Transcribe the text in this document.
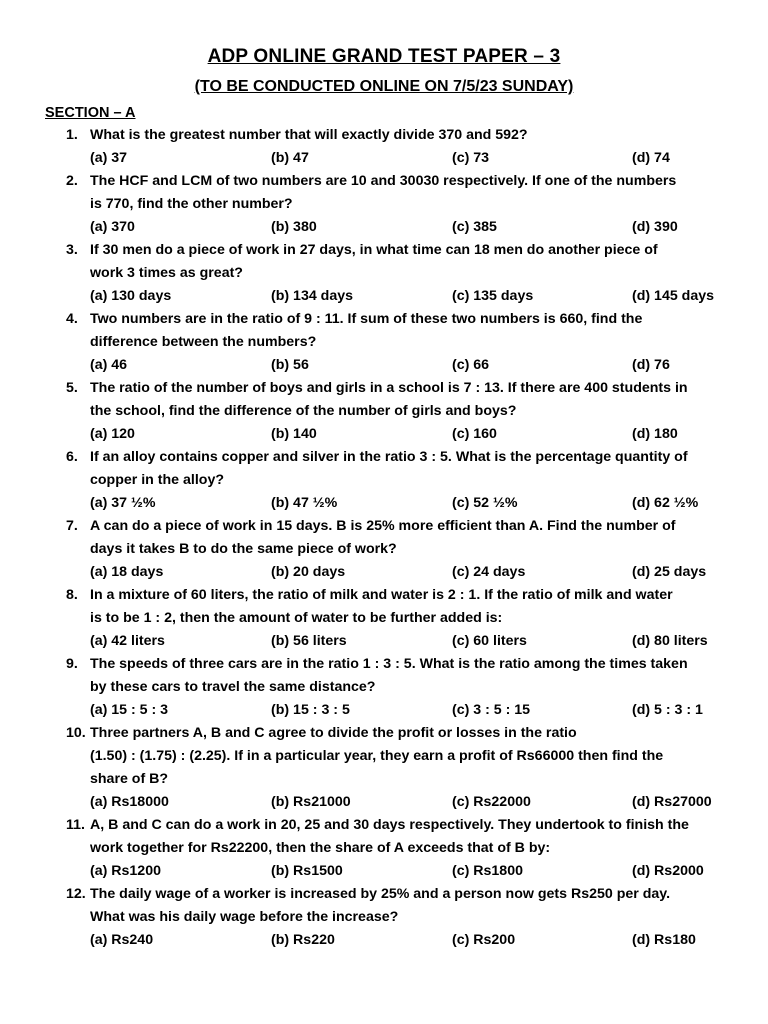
ADP ONLINE GRAND TEST PAPER – 3
(TO BE CONDUCTED ONLINE ON 7/5/23 SUNDAY)
SECTION – A
1. What is the greatest number that will exactly divide 370 and 592?
(a) 37	(b) 47	(c) 73	(d) 74
2. The HCF and LCM of two numbers are 10 and 30030 respectively. If one of the numbers
is 770, find the other number?
(a) 370	(b) 380	(c) 385	(d) 390
3. If 30 men do a piece of work in 27 days, in what time can 18 men do another piece of
work 3 times as great?
(a) 130 days	(b) 134 days	(c) 135 days	(d) 145 days
4. Two numbers are in the ratio of 9 : 11. If sum of these two numbers is 660, find the
difference between the numbers?
(a) 46	(b) 56	(c) 66	(d) 76
5. The ratio of the number of boys and girls in a school is 7 : 13. If there are 400 students in
the school, find the difference of the number of girls and boys?
(a) 120	(b) 140	(c) 160	(d) 180
6. If an alloy contains copper and silver in the ratio 3 : 5. What is the percentage quantity of
copper in the alloy?
(a) 37 ½%	(b) 47 ½%	(c) 52 ½%	(d) 62 ½%
7. A can do a piece of work in 15 days. B is 25% more efficient than A. Find the number of
days it takes B to do the same piece of work?
(a) 18 days	(b) 20 days	(c) 24 days	(d) 25 days
8. In a mixture of 60 liters, the ratio of milk and water is 2 : 1. If the ratio of milk and water
is to be 1 : 2, then the amount of water to be further added is:
(a) 42 liters	(b) 56 liters	(c) 60 liters	(d) 80 liters
9. The speeds of three cars are in the ratio 1 : 3 : 5. What is the ratio among the times taken
by these cars to travel the same distance?
(a) 15 : 5 : 3	(b) 15 : 3 : 5	(c) 3 : 5 : 15	(d) 5 : 3 : 1
10. Three partners A, B and C agree to divide the profit or losses in the ratio
(1.50) : (1.75) : (2.25). If in a particular year, they earn a profit of Rs66000 then find the
share of B?
(a) Rs18000	(b) Rs21000	(c) Rs22000	(d) Rs27000
11. A, B and C can do a work in 20, 25 and 30 days respectively. They undertook to finish the
work together for Rs22200, then the share of A exceeds that of B by:
(a) Rs1200	(b) Rs1500	(c) Rs1800	(d) Rs2000
12. The daily wage of a worker is increased by 25% and a person now gets Rs250 per day.
What was his daily wage before the increase?
(a) Rs240	(b) Rs220	(c) Rs200	(d) Rs180
